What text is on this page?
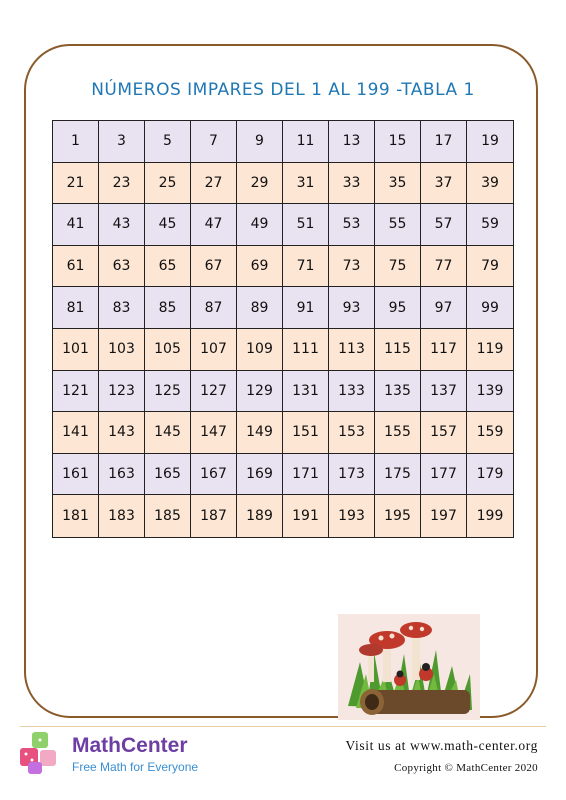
NÚMEROS IMPARES DEL 1 AL 199 -TABLA 1
1	3	5	7	9	11	13	15	17	19
21	23	25	27	29	31	33	35	37	39
41	43	45	47	49	51	53	55	57	59
61	63	65	67	69	71	73	75	77	79
81	83	85	87	89	91	93	95	97	99
101	103	105	107	109	111	113	115	117	119
121	123	125	127	129	131	133	135	137	139
141	143	145	147	149	151	153	155	157	159
161	163	165	167	169	171	173	175	177	179
181	183	185	187	189	191	193	195	197	199
MathCenter
Free Math for Everyone
Visit us at www.math-center.org
Copyright © MathCenter 2020
